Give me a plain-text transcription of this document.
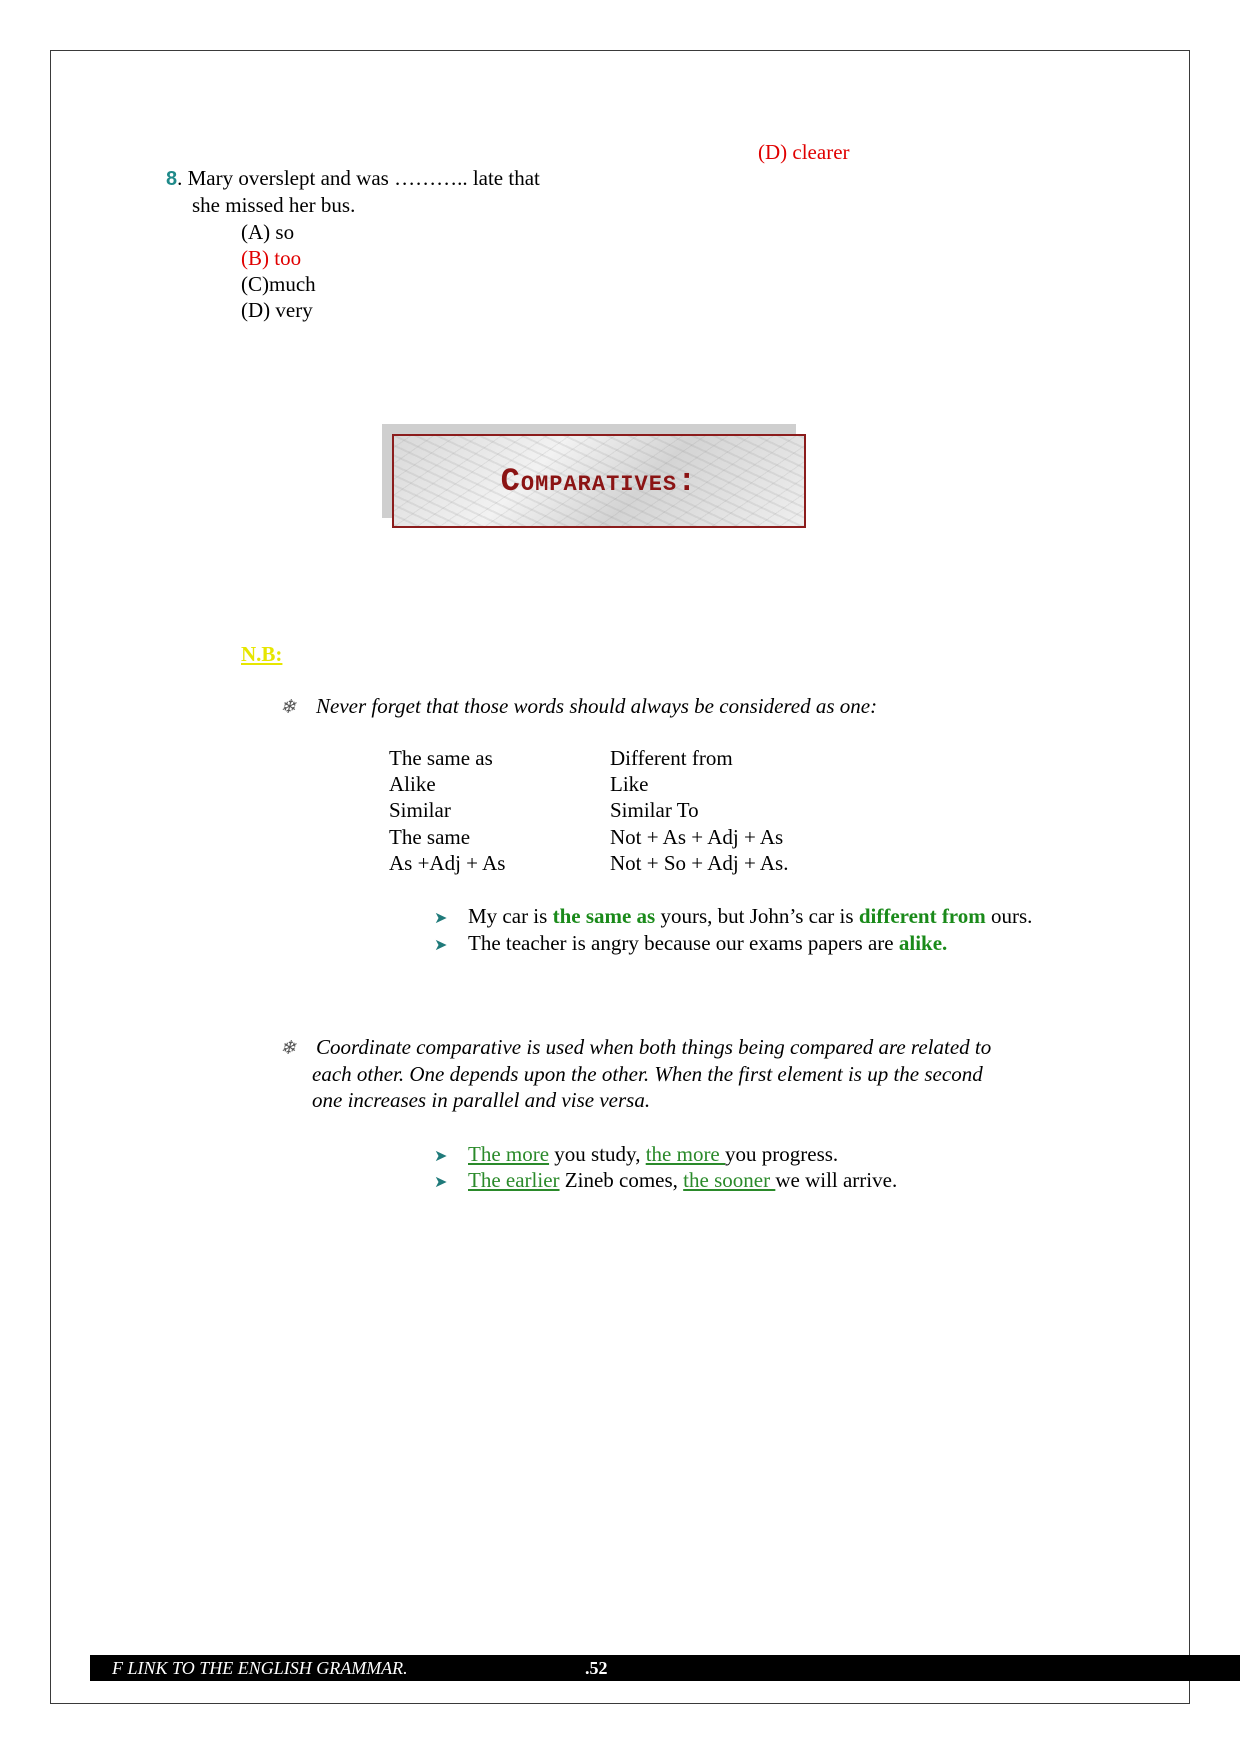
(D) clearer
8. Mary overslept and was ……….. late that
she missed her bus.
(A) so
(B) too
(C)much
(D) very
Comparatives:
N.B:
❄ Never forget that those words should always be considered as one:
The same as	Different from
Alike	Like
Similar	Similar To
The same	Not + As + Adj + As
As +Adj + As	Not + So + Adj + As.
➤ My car is the same as yours, but John’s car is different from ours.
➤ The teacher is angry because our exams papers are alike.
❄ Coordinate comparative is used when both things being compared are related to
each other. One depends upon the other. When the first element is up the second
one increases in parallel and vise versa.
➤ The more you study, the more you progress.
➤ The earlier Zineb comes, the sooner we will arrive.
F LINK TO THE ENGLISH GRAMMAR.	.52
